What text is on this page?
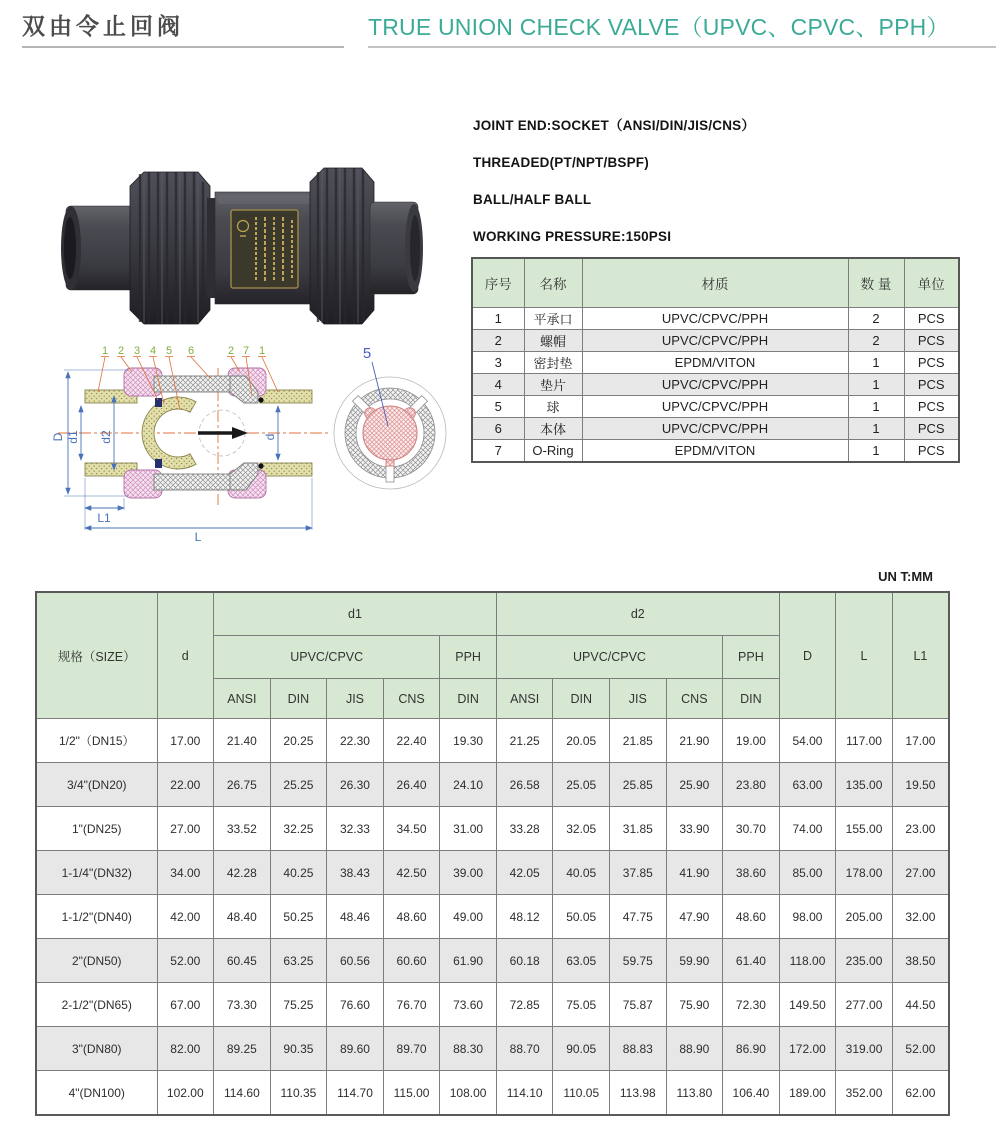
双由令止回阀	TRUE UNION CHECK VALVE（UPVC、CPVC、PPH）
JOINT END:SOCKET（ANSI/DIN/JIS/CNS）
THREADED(PT/NPT/BSPF)
BALL/HALF BALL
WORKING PRESSURE:150PSI
序号	名称	材质	数 量	单位
1	平承口	UPVC/CPVC/PPH	2	PCS
2	螺帽	UPVC/CPVC/PPH	2	PCS
3	密封垫	EPDM/VITON	1	PCS
4	垫片	UPVC/CPVC/PPH	1	PCS
5	球	UPVC/CPVC/PPH	1	PCS
6	本体	UPVC/CPVC/PPH	1	PCS
7	O-Ring	EPDM/VITON	1	PCS
D d1 d2	d
L1
L
1 2 3 4 5 6	2 7 1	5
UN T:MM
规格（SIZE）	d	d1					d2					D	L	L1
		UPVC/CPVC				PPH	UPVC/CPVC				PPH			
		ANSI	DIN	JIS	CNS	DIN	ANSI	DIN	JIS	CNS	DIN			
1/2"（DN15）	17.00	21.40	20.25	22.30	22.40	19.30	21.25	20.05	21.85	21.90	19.00	54.00	117.00	17.00
3/4"(DN20)	22.00	26.75	25.25	26.30	26.40	24.10	26.58	25.05	25.85	25.90	23.80	63.00	135.00	19.50
1"(DN25)	27.00	33.52	32.25	32.33	34.50	31.00	33.28	32.05	31.85	33.90	30.70	74.00	155.00	23.00
1-1/4"(DN32)	34.00	42.28	40.25	38.43	42.50	39.00	42.05	40.05	37.85	41.90	38.60	85.00	178.00	27.00
1-1/2"(DN40)	42.00	48.40	50.25	48.46	48.60	49.00	48.12	50.05	47.75	47.90	48.60	98.00	205.00	32.00
2"(DN50)	52.00	60.45	63.25	60.56	60.60	61.90	60.18	63.05	59.75	59.90	61.40	118.00	235.00	38.50
2-1/2"(DN65)	67.00	73.30	75.25	76.60	76.70	73.60	72.85	75.05	75.87	75.90	72.30	149.50	277.00	44.50
3"(DN80)	82.00	89.25	90.35	89.60	89.70	88.30	88.70	90.05	88.83	88.90	86.90	172.00	319.00	52.00
4"(DN100)	102.00	114.60	110.35	114.70	115.00	108.00	114.10	110.05	113.98	113.80	106.40	189.00	352.00	62.00
